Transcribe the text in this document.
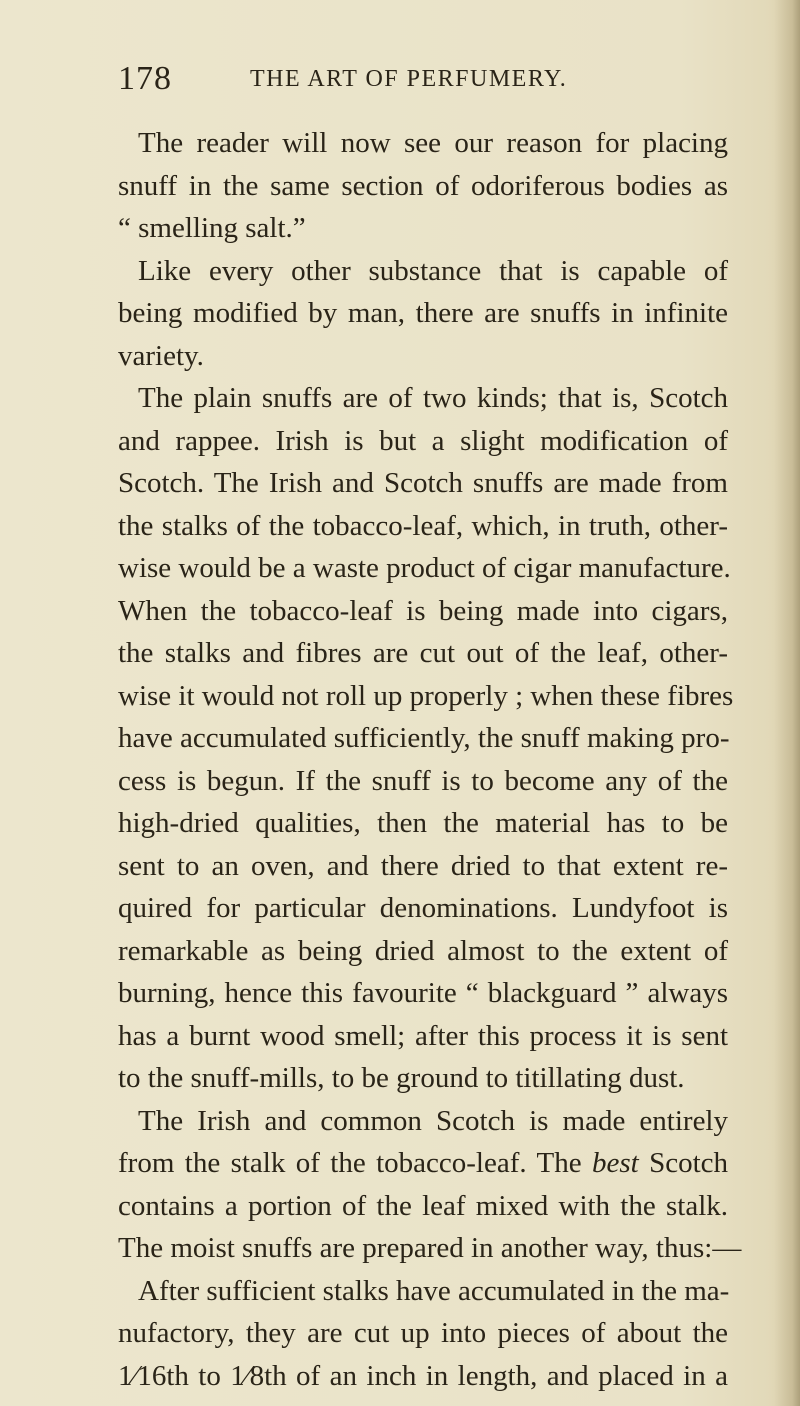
178	THE ART OF PERFUMERY.
The reader will now see our reason for placing
snuff in the same section of odoriferous bodies as
“ smelling salt.”
Like every other substance that is capable of
being modified by man, there are snuffs in infinite
variety.
The plain snuffs are of two kinds; that is, Scotch
and rappee. Irish is but a slight modification of
Scotch. The Irish and Scotch snuffs are made from
the stalks of the tobacco-leaf, which, in truth, other-
wise would be a waste product of cigar manufacture.
When the tobacco-leaf is being made into cigars,
the stalks and fibres are cut out of the leaf, other-
wise it would not roll up properly ; when these fibres
have accumulated sufficiently, the snuff making pro-
cess is begun. If the snuff is to become any of the
high-dried qualities, then the material has to be
sent to an oven, and there dried to that extent re-
quired for particular denominations. Lundyfoot is
remarkable as being dried almost to the extent of
burning, hence this favourite “ blackguard ” always
has a burnt wood smell; after this process it is sent
to the snuff-mills, to be ground to titillating dust.
The Irish and common Scotch is made entirely
from the stalk of the tobacco-leaf. The best Scotch
contains a portion of the leaf mixed with the stalk.
The moist snuffs are prepared in another way, thus:—
After sufficient stalks have accumulated in the ma-
nufactory, they are cut up into pieces of about the
1⁄16th to 1⁄8th of an inch in length, and placed in a
